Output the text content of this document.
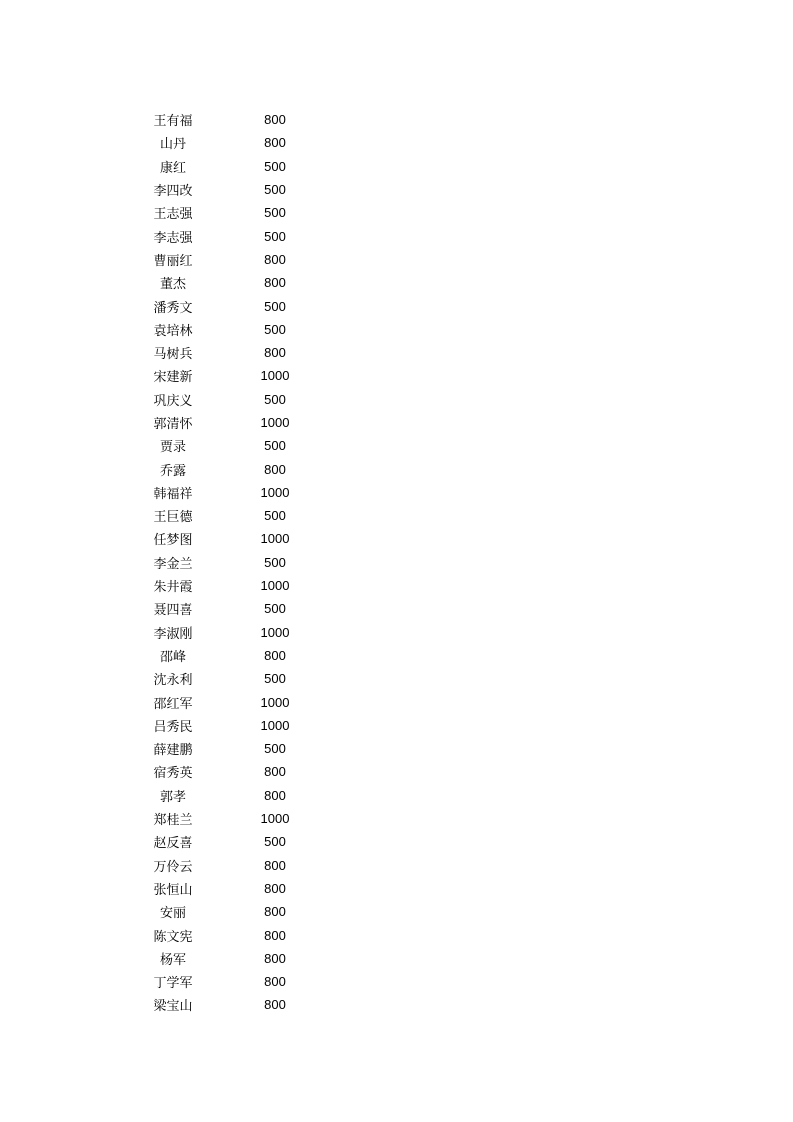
王有福	800
山丹	800
康红	500
李四改	500
王志强	500
李志强	500
曹丽红	800
董杰	800
潘秀文	500
袁培林	500
马树兵	800
宋建新	1000
巩庆义	500
郭清怀	1000
贾录	500
乔露	800
韩福祥	1000
王巨德	500
任梦图	1000
李金兰	500
朱井霞	1000
聂四喜	500
李淑刚	1000
邵峰	800
沈永利	500
邵红军	1000
吕秀民	1000
薛建鹏	500
宿秀英	800
郭孝	800
郑桂兰	1000
赵反喜	500
万伶云	800
张恒山	800
安丽	800
陈文宪	800
杨军	800
丁学军	800
梁宝山	800
